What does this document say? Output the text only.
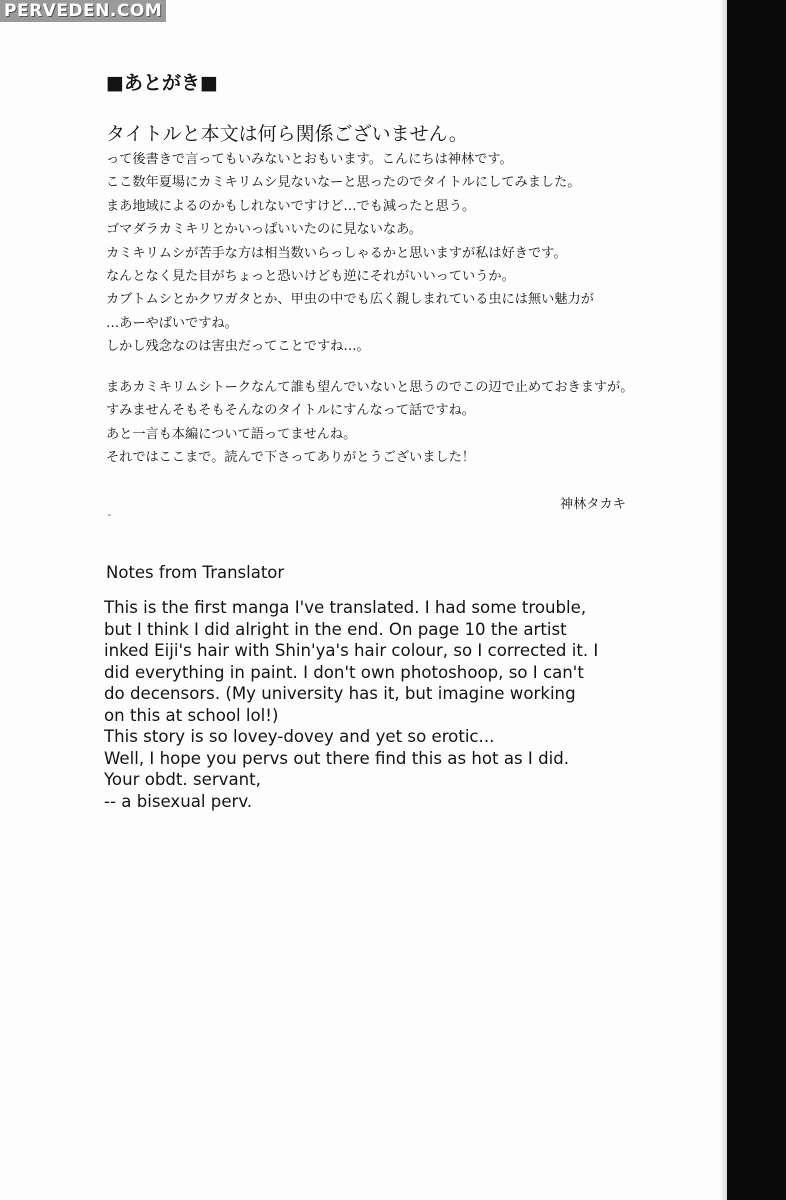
PERVEDEN.COM
■あとがき■
タイトルと本文は何ら関係ございません。
って後書きで言ってもいみないとおもいます。こんにちは神林です。
ここ数年夏場にカミキリムシ見ないなーと思ったのでタイトルにしてみました。
まあ地域によるのかもしれないですけど…でも減ったと思う。
ゴマダラカミキリとかいっぱいいたのに見ないなあ。
カミキリムシが苦手な方は相当数いらっしゃるかと思いますが私は好きです。
なんとなく見た目がちょっと恐いけども逆にそれがいいっていうか。
カブトムシとかクワガタとか、甲虫の中でも広く親しまれている虫には無い魅力が
…あーやばいですね。
しかし残念なのは害虫だってことですね…。
まあカミキリムシトークなんて誰も望んでいないと思うのでこの辺で止めておきますが。
すみませんそもそもそんなのタイトルにすんなって話ですね。
あと一言も本編について語ってませんね。
それではここまで。読んで下さってありがとうございました！
神林タカキ
Notes from Translator
This is the first manga I've translated. I had some trouble,
but I think I did alright in the end. On page 10 the artist
inked Eiji's hair with Shin'ya's hair colour, so I corrected it. I
did everything in paint. I don't own photoshoop, so I can't
do decensors. (My university has it, but imagine working
on this at school lol!)
This story is so lovey-dovey and yet so erotic...
Well, I hope you pervs out there find this as hot as I did.
Your obdt. servant,
-- a bisexual perv.
